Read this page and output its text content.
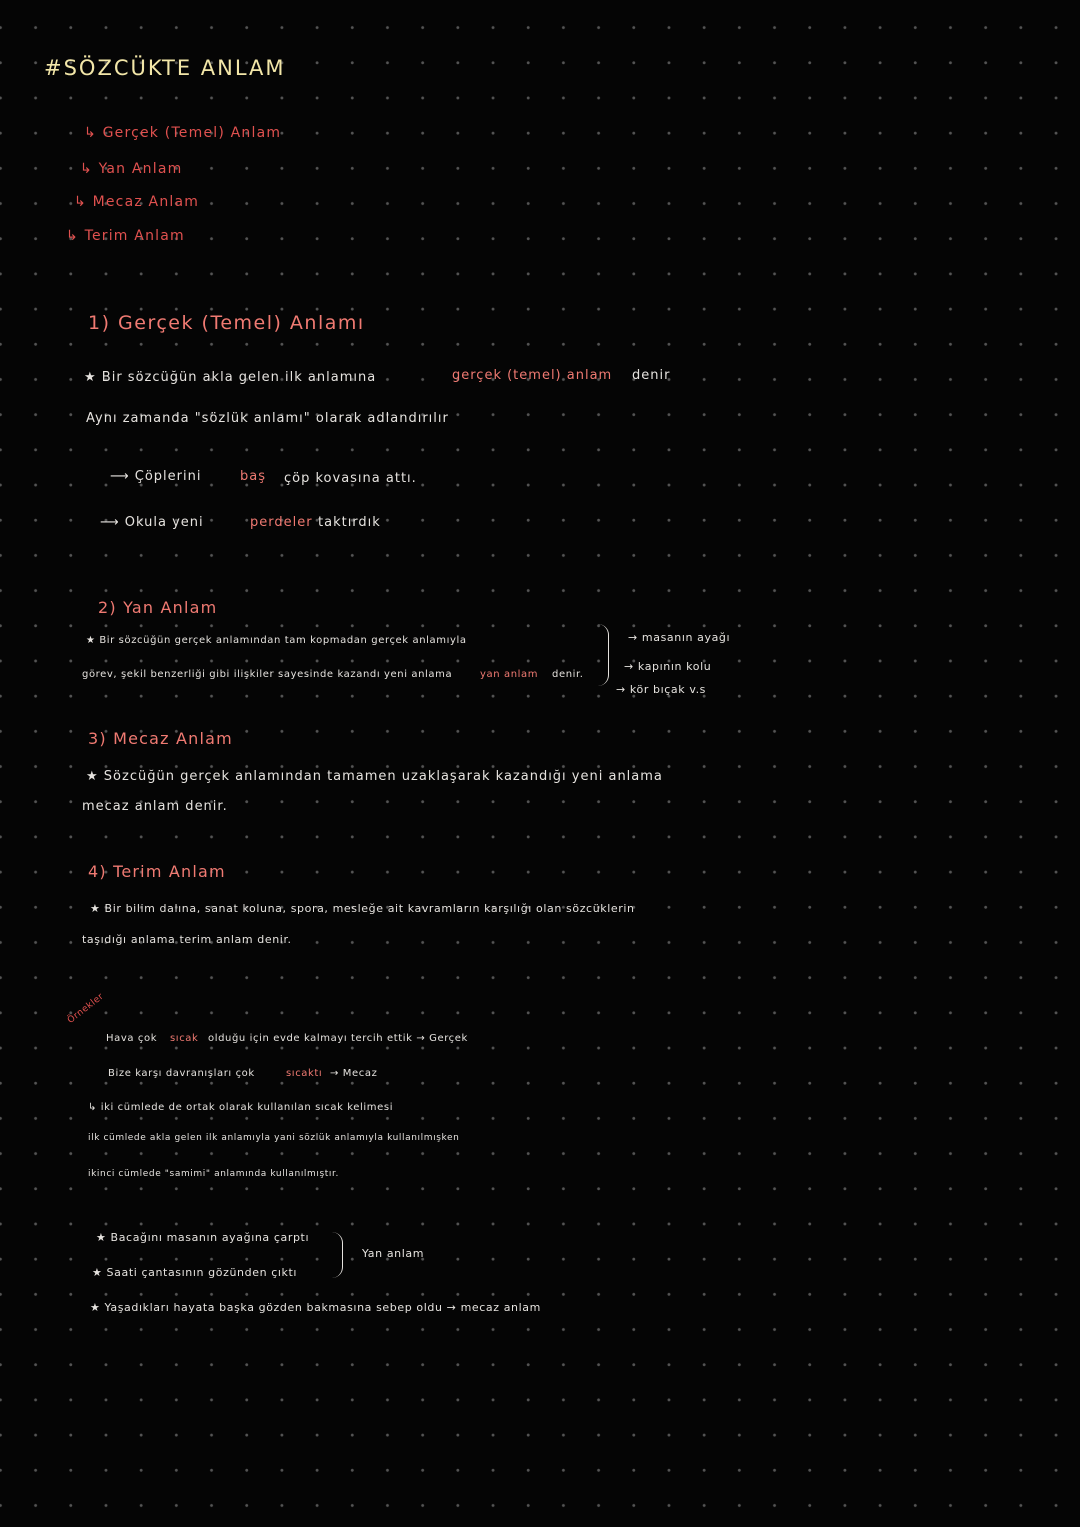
#SÖZCÜKTE ANLAM
↳ Gerçek (Temel) Anlam
↳ Yan Anlam
↳ Mecaz Anlam
↳ Terim Anlam
1) Gerçek (Temel) Anlamı
★ Bir sözcüğün akla gelen ilk anlamına	gerçek (temel) anlam denir
Aynı zamanda "sözlük anlamı" olarak adlandırılır
⟶ Çöplerini	baş çöp kovasına attı.
⟶ Okula yeni	perdeler taktırdık
2) Yan Anlam
★ Bir sözcüğün gerçek anlamından tam kopmadan gerçek anlamıyla
görev, şekil benzerliği gibi ilişkiler sayesinde kazandı yeni anlama	yan anlam denir.
→ masanın ayağı
→ kapının kolu
→ kör bıçak v.s
3) Mecaz Anlam
★ Sözcüğün gerçek anlamından tamamen uzaklaşarak kazandığı yeni anlama
mecaz anlam denir.
4) Terim Anlam
★ Bir bilim dalına, sanat koluna, spora, mesleğe ait kavramların karşılığı olan sözcüklerin
taşıdığı anlama terim anlam denir.
Örnekler
Hava çok sıcak olduğu için evde kalmayı tercih ettik → Gerçek
Bize karşı davranışları çok	sıcaktı → Mecaz
↳ iki cümlede de ortak olarak kullanılan sıcak kelimesi
ilk cümlede akla gelen ilk anlamıyla yani sözlük anlamıyla kullanılmışken
ikinci cümlede "samimi" anlamında kullanılmıştır.
★ Bacağını masanın ayağına çarptı
★ Saati çantasının gözünden çıktı
Yan anlam
★ Yaşadıkları hayata başka gözden bakmasına sebep oldu → mecaz anlam
